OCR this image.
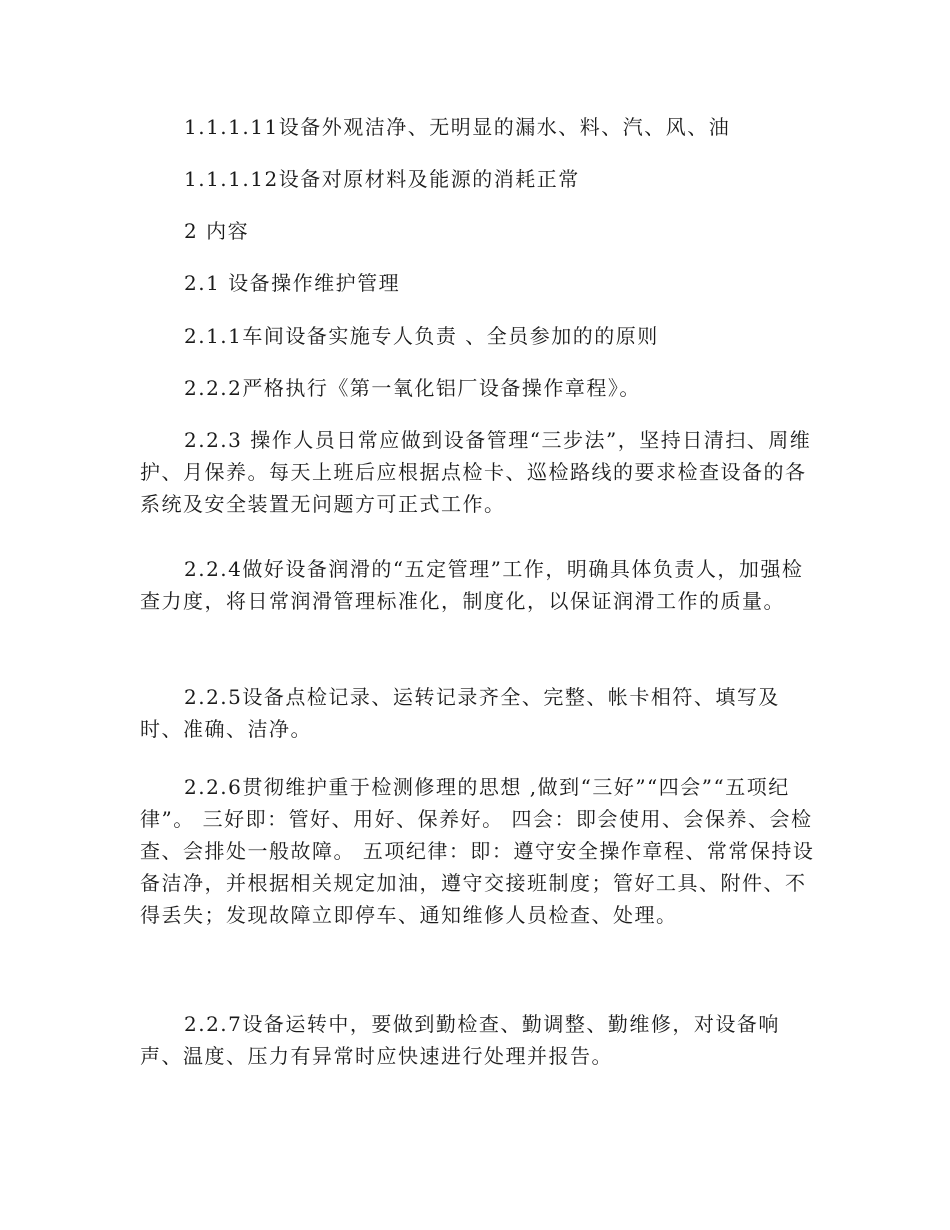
1.1.1.11设备外观洁净、无明显的漏水、料、汽、风、油

1.1.1.12设备对原材料及能源的消耗正常

2 内容

2.1 设备操作维护管理

2.1.1车间设备实施专人负责 、全员参加的的原则

2.2.2严格执行《第一氧化铝厂设备操作章程》。

2.2.3 操作人员日常应做到设备管理“三步法”，坚持日清扫、周维护、月保养。每天上班后应根据点检卡、巡检路线的要求检查设备的各系统及安全装置无问题方可正式工作。

2.2.4做好设备润滑的“五定管理”工作，明确具体负责人，加强检查力度，将日常润滑管理标准化，制度化，以保证润滑工作的质量。

2.2.5设备点检记录、运转记录齐全、完整、帐卡相符、填写及时、准确、洁净。

2.2.6贯彻维护重于检测修理的思想 ,做到“三好”“四会”“五项纪律”。 三好即：管好、用好、保养好。 四会：即会使用、会保养、会检查、会排处一般故障。 五项纪律：即：遵守安全操作章程、常常保持设备洁净，并根据相关规定加油，遵守交接班制度；管好工具、附件、不得丢失；发现故障立即停车、通知维修人员检查、处理。

2.2.7设备运转中，要做到勤检查、勤调整、勤维修，对设备响声、温度、压力有异常时应快速进行处理并报告。
